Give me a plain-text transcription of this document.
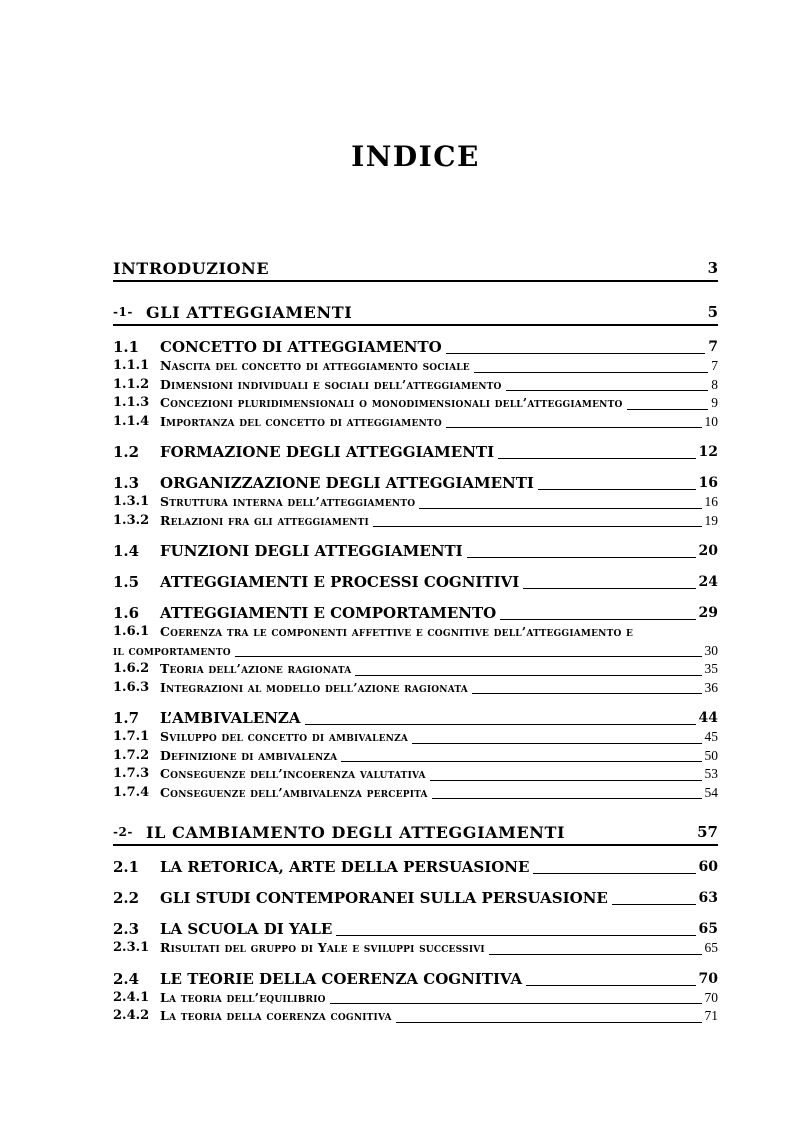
INDICE
INTRODUZIONE	3
-1- GLI ATTEGGIAMENTI	5
1.1	CONCETTO DI ATTEGGIAMENTO	7
1.1.1 Nascita del concetto di atteggiamento sociale	7
1.1.2 Dimensioni individuali e sociali dell’atteggiamento	8
1.1.3 Concezioni pluridimensionali o monodimensionali dell’atteggiamento	9
1.1.4 Importanza del concetto di atteggiamento	10
1.2	FORMAZIONE DEGLI ATTEGGIAMENTI	12
1.3	ORGANIZZAZIONE DEGLI ATTEGGIAMENTI	16
1.3.1 Struttura interna dell’atteggiamento	16
1.3.2 Relazioni fra gli atteggiamenti	19
1.4	FUNZIONI DEGLI ATTEGGIAMENTI	20
1.5	ATTEGGIAMENTI E PROCESSI COGNITIVI	24
1.6	ATTEGGIAMENTI E COMPORTAMENTO	29
1.6.1 Coerenza tra le componenti affettive e cognitive dell’atteggiamento e
il comportamento	30
1.6.2 Teoria dell’azione ragionata	35
1.6.3 Integrazioni al modello dell’azione ragionata	36
1.7	L’AMBIVALENZA	44
1.7.1 Sviluppo del concetto di ambivalenza	45
1.7.2 Definizione di ambivalenza	50
1.7.3 Conseguenze dell’incoerenza valutativa	53
1.7.4 Conseguenze dell’ambivalenza percepita	54
-2- IL CAMBIAMENTO DEGLI ATTEGGIAMENTI	57
2.1	LA RETORICA, ARTE DELLA PERSUASIONE	60
2.2	GLI STUDI CONTEMPORANEI SULLA PERSUASIONE	63
2.3	LA SCUOLA DI YALE	65
2.3.1 Risultati del gruppo di Yale e sviluppi successivi	65
2.4	LE TEORIE DELLA COERENZA COGNITIVA	70
2.4.1 La teoria dell’equilibrio	70
2.4.2 La teoria della coerenza cognitiva	71
